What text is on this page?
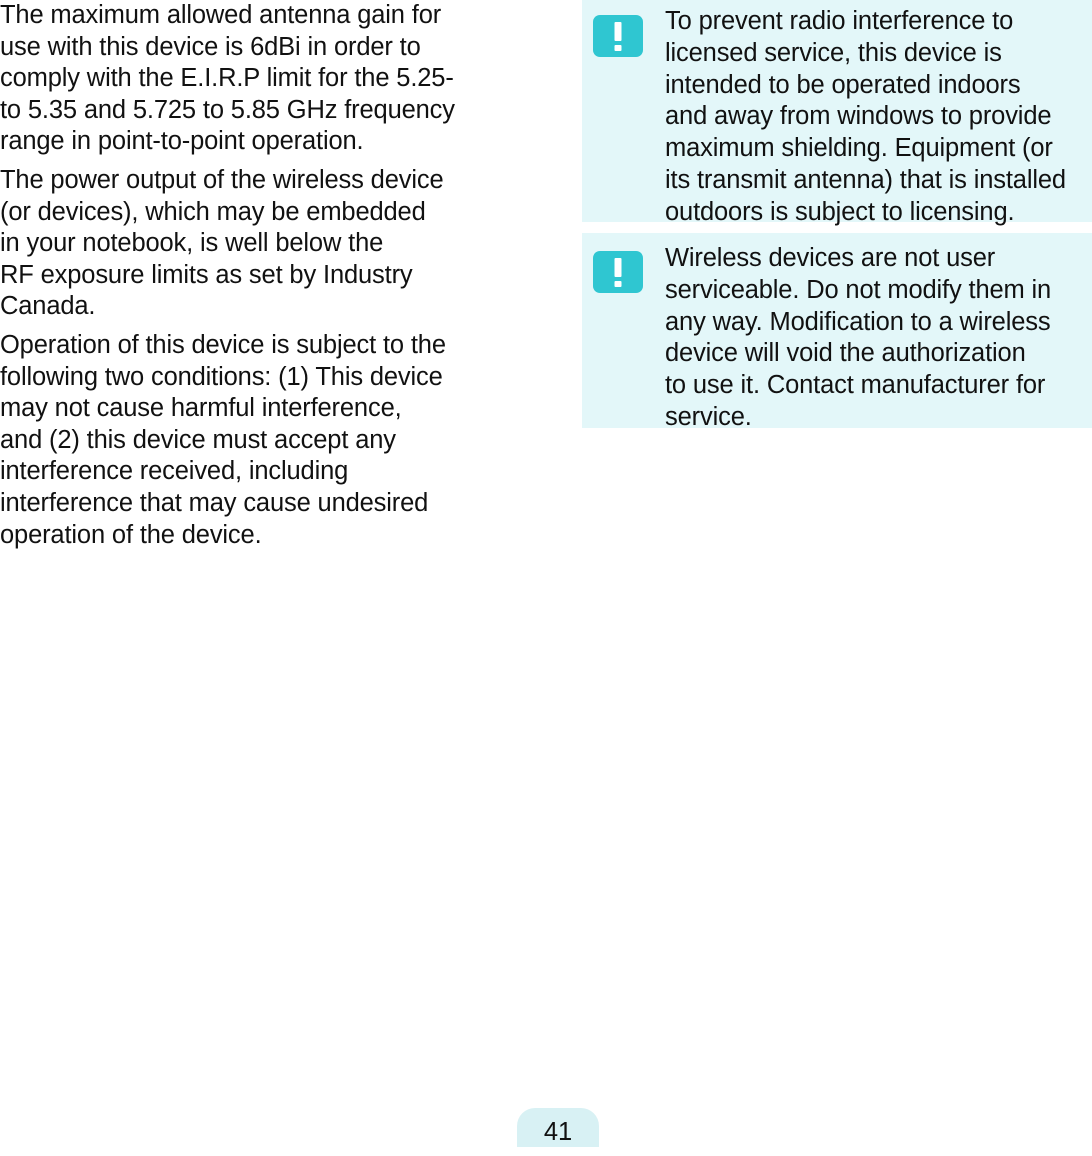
The maximum allowed antenna gain for
use with this device is 6dBi in order to
comply with the E.I.R.P limit for the 5.25-
to 5.35 and 5.725 to 5.85 GHz frequency
range in point-to-point operation.

The power output of the wireless device
(or devices), which may be embedded
in your notebook, is well below the
RF exposure limits as set by Industry
Canada.

Operation of this device is subject to the
following two conditions: (1) This device
may not cause harmful interference,
and (2) this device must accept any
interference received, including
interference that may cause undesired
operation of the device.

To prevent radio interference to
licensed service, this device is
intended to be operated indoors
and away from windows to provide
maximum shielding. Equipment (or
its transmit antenna) that is installed
outdoors is subject to licensing.
Wireless devices are not user
serviceable. Do not modify them in
any way. Modification to a wireless
device will void the authorization
to use it. Contact manufacturer for
service.
41
